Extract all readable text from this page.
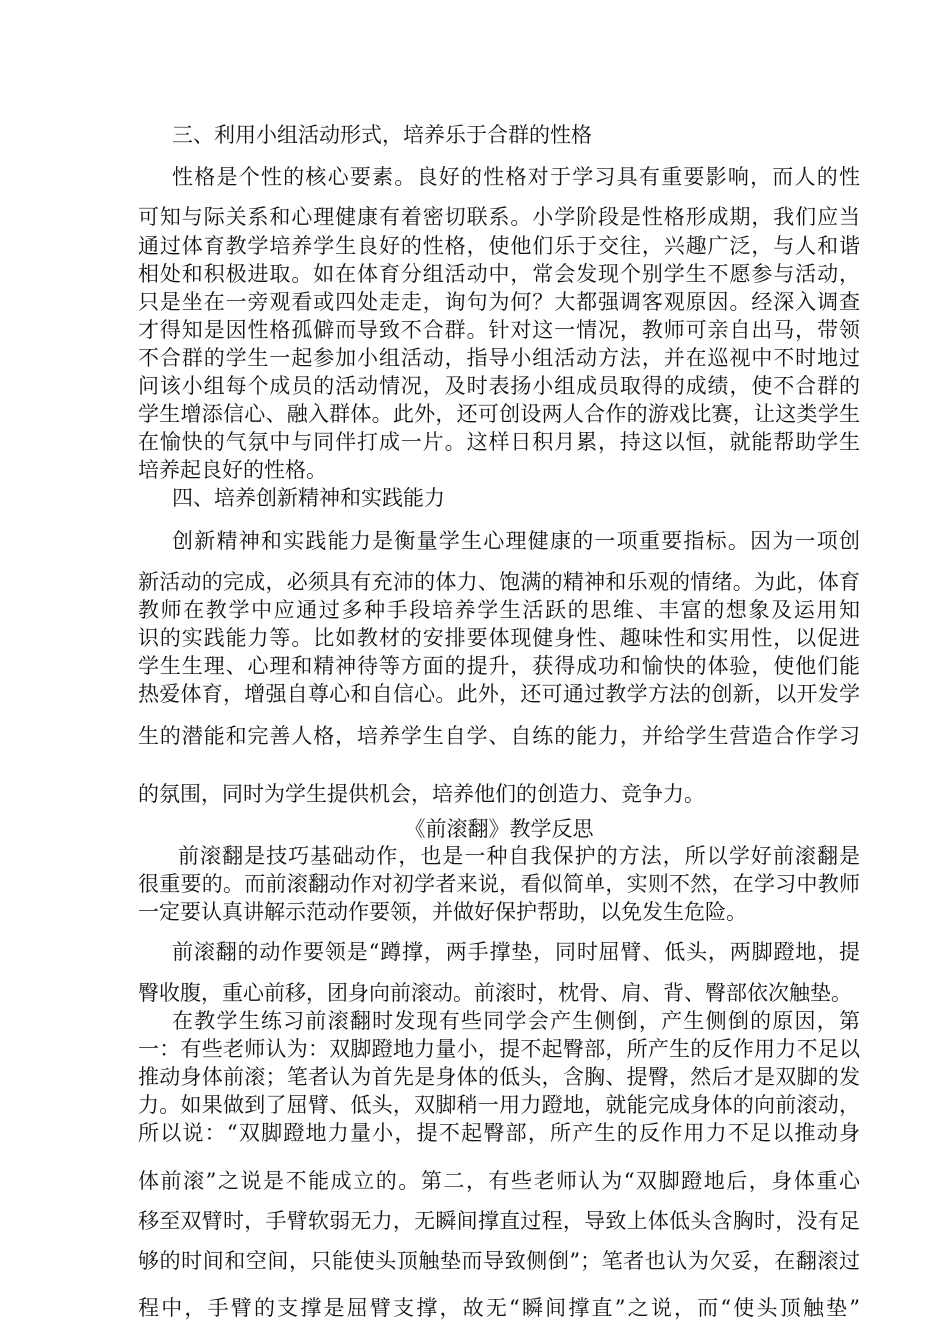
三、利用小组活动形式，培养乐于合群的性格
性格是个性的核心要素。良好的性格对于学习具有重要影响，而人的性
可知与际关系和心理健康有着密切联系。小学阶段是性格形成期，我们应当
通过体育教学培养学生良好的性格，使他们乐于交往，兴趣广泛，与人和谐
相处和积极进取。如在体育分组活动中，常会发现个别学生不愿参与活动，
只是坐在一旁观看或四处走走，询句为何？大都强调客观原因。经深入调查
才得知是因性格孤僻而导致不合群。针对这一情况，教师可亲自出马，带领
不合群的学生一起参加小组活动，指导小组活动方法，并在巡视中不时地过
问该小组每个成员的活动情况，及时表扬小组成员取得的成绩，使不合群的
学生增添信心、融入群体。此外，还可创设两人合作的游戏比赛，让这类学生
在愉快的气氛中与同伴打成一片。这样日积月累，持这以恒，就能帮助学生
培养起良好的性格。
四、培养创新精神和实践能力
创新精神和实践能力是衡量学生心理健康的一项重要指标。因为一项创
新活动的完成，必须具有充沛的体力、饱满的精神和乐观的情绪。为此，体育
教师在教学中应通过多种手段培养学生活跃的思维、丰富的想象及运用知
识的实践能力等。比如教材的安排要体现健身性、趣味性和实用性，以促进
学生生理、心理和精神待等方面的提升，获得成功和愉快的体验，使他们能
热爱体育，增强自尊心和自信心。此外，还可通过教学方法的创新，以开发学
生的潜能和完善人格，培养学生自学、自练的能力，并给学生营造合作学习
的氛围，同时为学生提供机会，培养他们的创造力、竞争力。
《前滚翻》教学反思
前滚翻是技巧基础动作，也是一种自我保护的方法，所以学好前滚翻是
很重要的。而前滚翻动作对初学者来说，看似简单，实则不然，在学习中教师
一定要认真讲解示范动作要领，并做好保护帮助，以免发生危险。
前滚翻的动作要领是“蹲撑，两手撑垫，同时屈臂、低头，两脚蹬地，提
臀收腹，重心前移，团身向前滚动。前滚时，枕骨、肩、背、臀部依次触垫。
在教学生练习前滚翻时发现有些同学会产生侧倒，产生侧倒的原因，第
一：有些老师认为：双脚蹬地力量小，提不起臀部，所产生的反作用力不足以
推动身体前滚；笔者认为首先是身体的低头，含胸、提臀，然后才是双脚的发
力。如果做到了屈臂、低头，双脚稍一用力蹬地，就能完成身体的向前滚动，
所以说：“双脚蹬地力量小，提不起臀部，所产生的反作用力不足以推动身
体前滚”之说是不能成立的。第二，有些老师认为“双脚蹬地后，身体重心
移至双臂时，手臂软弱无力，无瞬间撑直过程，导致上体低头含胸时，没有足
够的时间和空间，只能使头顶触垫而导致侧倒”；笔者也认为欠妥，在翻滚过
程中，手臂的支撑是屈臂支撑，故无“瞬间撑直”之说，而“使头顶触垫”
